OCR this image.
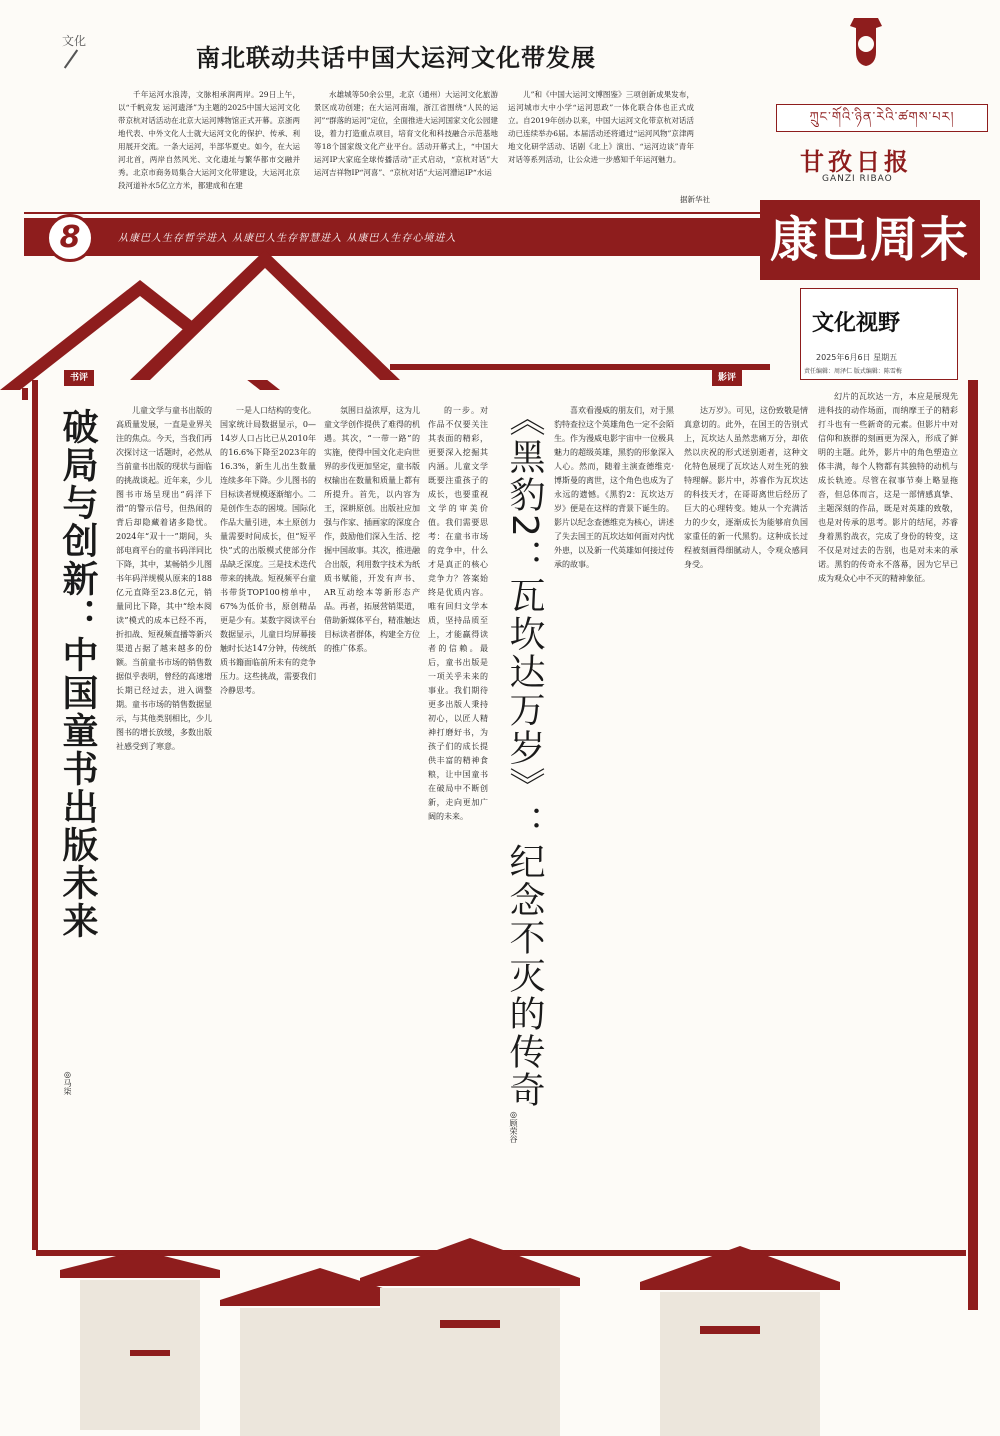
文化
南北联动共话中国大运河文化带发展

千年运河水浪涛，文脉相承润两岸。29日上午，以“千帆竞发 运河遗泽”为主题的2025中国大运河文化带京杭对话活动在北京大运河博物馆正式开幕。京浙两地代表、中外文化人士就大运河文化的保护、传承、利用展开交流。一条大运河，半部华夏史。如今，在大运河北首，两岸自然风光、文化遗址与繁华都市交融并秀。北京市商务局集合大运河文化带建设，大运河北京段河道补水5亿立方米，都建成和在建

水雄城等50余公里，北京（通州）大运河文化旅游景区成功创建；在大运河南端，浙江省围绕“人民的运河”“群落的运河”定位，全面推进大运河国家文化公园建设，着力打造重点项目，培育文化和科技融合示范基地等18个国家级文化产业平台。活动开幕式上，“中国大运河IP大家庭全球传播活动”正式启动，“京杭对话”大运河吉祥物IP“河喜”、“京杭对话”大运河漕运IP“水运

儿”和《中国大运河文博图鉴》三项创新成果发布，运河城市大中小学“运河思政”一体化联合体也正式成立。自2019年创办以来，中国大运河文化带京杭对话活动已连续举办6届。本届活动还将通过“运河风物”京津两地文化研学活动、话剧《北上》演出、“运河边谈”青年对话等系列活动，让公众进一步感知千年运河魅力。

据新华社
8	从康巴人生存哲学进入 从康巴人生存智慧进入 从康巴人生存心境进入
ཀྲུང་གོའི་ཉིན་རེའི་ཚགས་པར།
甘孜日报
GANZI RIBAO
康巴周末
文化视野
2025年6月6日 星期五
责任编辑：周泽仁 版式编辑：陈雪梅
书评
破局与创新：中国童书出版未来
◎马柒

儿童文学与童书出版的高质量发展，一直是业界关注的焦点。今天，当我们再次探讨这一话题时，必然从当前童书出版的现状与面临的挑战谈起。近年来，少儿图书市场呈现出“码洋下滑”的警示信号，但热闹的背后却隐藏着诸多隐忧。2024年“双十一”期间，头部电商平台的童书码洋同比下降，其中，某畅销少儿图书年码洋规模从原来的188亿元直降至23.8亿元，销量同比下降，其中“绘本阅读”模式的成本已经不再，折扣战、短视频直播等新兴渠道占据了越来越多的份额。当前童书市场的销售数据似乎表明，曾经的高速增长期已经过去，进入调整期。童书市场的销售数据显示，与其他类别相比，少儿图书的增长放缓，多数出版社感受到了寒意。

一是人口结构的变化。国家统计局数据显示，0—14岁人口占比已从2010年的16.6%下降至2023年的16.3%，新生儿出生数量连续多年下降。少儿图书的目标读者规模逐渐缩小。二是创作生态的困境。国际化作品大量引进，本土原创力量需要时间成长，但“短平快”式的出版模式使部分作品缺乏深度。三是技术迭代带来的挑战。短视频平台童书带货TOP100榜单中，67%为低价书，原创精品更是少有。某数字阅读平台数据显示，儿童日均屏幕接触时长达147分钟，传统纸质书籍面临前所未有的竞争压力。这些挑战，需要我们冷静思考。

氛围日益浓厚，这为儿童文学创作提供了难得的机遇。其次，“一带一路”的实施，使得中国文化走向世界的步伐更加坚定，童书版权输出在数量和质量上都有所提升。首先，以内容为王，深耕原创。出版社应加强与作家、插画家的深度合作，鼓励他们深入生活、挖掘中国故事。其次，推进融合出版，利用数字技术为纸质书赋能，开发有声书、AR互动绘本等新形态产品。再者，拓展营销渠道，借助新媒体平台，精准触达目标读者群体，构建全方位的推广体系。

的一步。对作品不仅要关注其表面的精彩，更要深入挖掘其内涵。儿童文学既要注重孩子的成长，也要重视文学的审美价值。我们需要思考：在童书市场的竞争中，什么才是真正的核心竞争力？答案始终是优质内容。唯有回归文学本质，坚持品质至上，才能赢得读者的信赖。最后，童书出版是一项关乎未来的事业。我们期待更多出版人秉持初心，以匠人精神打磨好书，为孩子们的成长提供丰富的精神食粮，让中国童书在破局中不断创新，走向更加广阔的未来。

影评
《黑豹2：瓦坎达万岁》：纪念不灭的传奇
◎顾荣谷

喜欢看漫威的朋友们，对于黑豹特查拉这个英雄角色一定不会陌生。作为漫威电影宇宙中一位极具魅力的超级英雄，黑豹的形象深入人心。然而，随着主演查德维克·博斯曼的离世，这个角色也成为了永远的遗憾。《黑豹2：瓦坎达万岁》便是在这样的背景下诞生的。影片以纪念查德维克为核心，讲述了失去国王的瓦坎达如何面对内忧外患，以及新一代英雄如何接过传承的故事。

达万岁》。可见，这份致敬是情真意切的。此外，在国王的告别式上，瓦坎达人虽然悲痛万分，却依然以庆祝的形式送别逝者，这种文化特色展现了瓦坎达人对生死的独特理解。影片中，苏睿作为瓦坎达的科技天才，在哥哥离世后经历了巨大的心理转变。她从一个充满活力的少女，逐渐成长为能够肩负国家重任的新一代黑豹。这种成长过程被刻画得细腻动人，令观众感同身受。

幻片的瓦坎达一方，本应是展现先进科技的动作场面，而纳摩王子的精彩打斗也有一些新奇的元素。但影片中对信仰和族群的刻画更为深入，形成了鲜明的主题。此外，影片中的角色塑造立体丰满，每个人物都有其独特的动机与成长轨迹。尽管在叙事节奏上略显拖沓，但总体而言，这是一部情感真挚、主题深刻的作品，既是对英雄的致敬，也是对传承的思考。影片的结尾，苏睿身着黑豹战衣，完成了身份的转变，这不仅是对过去的告别，也是对未来的承诺。黑豹的传奇永不落幕，因为它早已成为观众心中不灭的精神象征。
